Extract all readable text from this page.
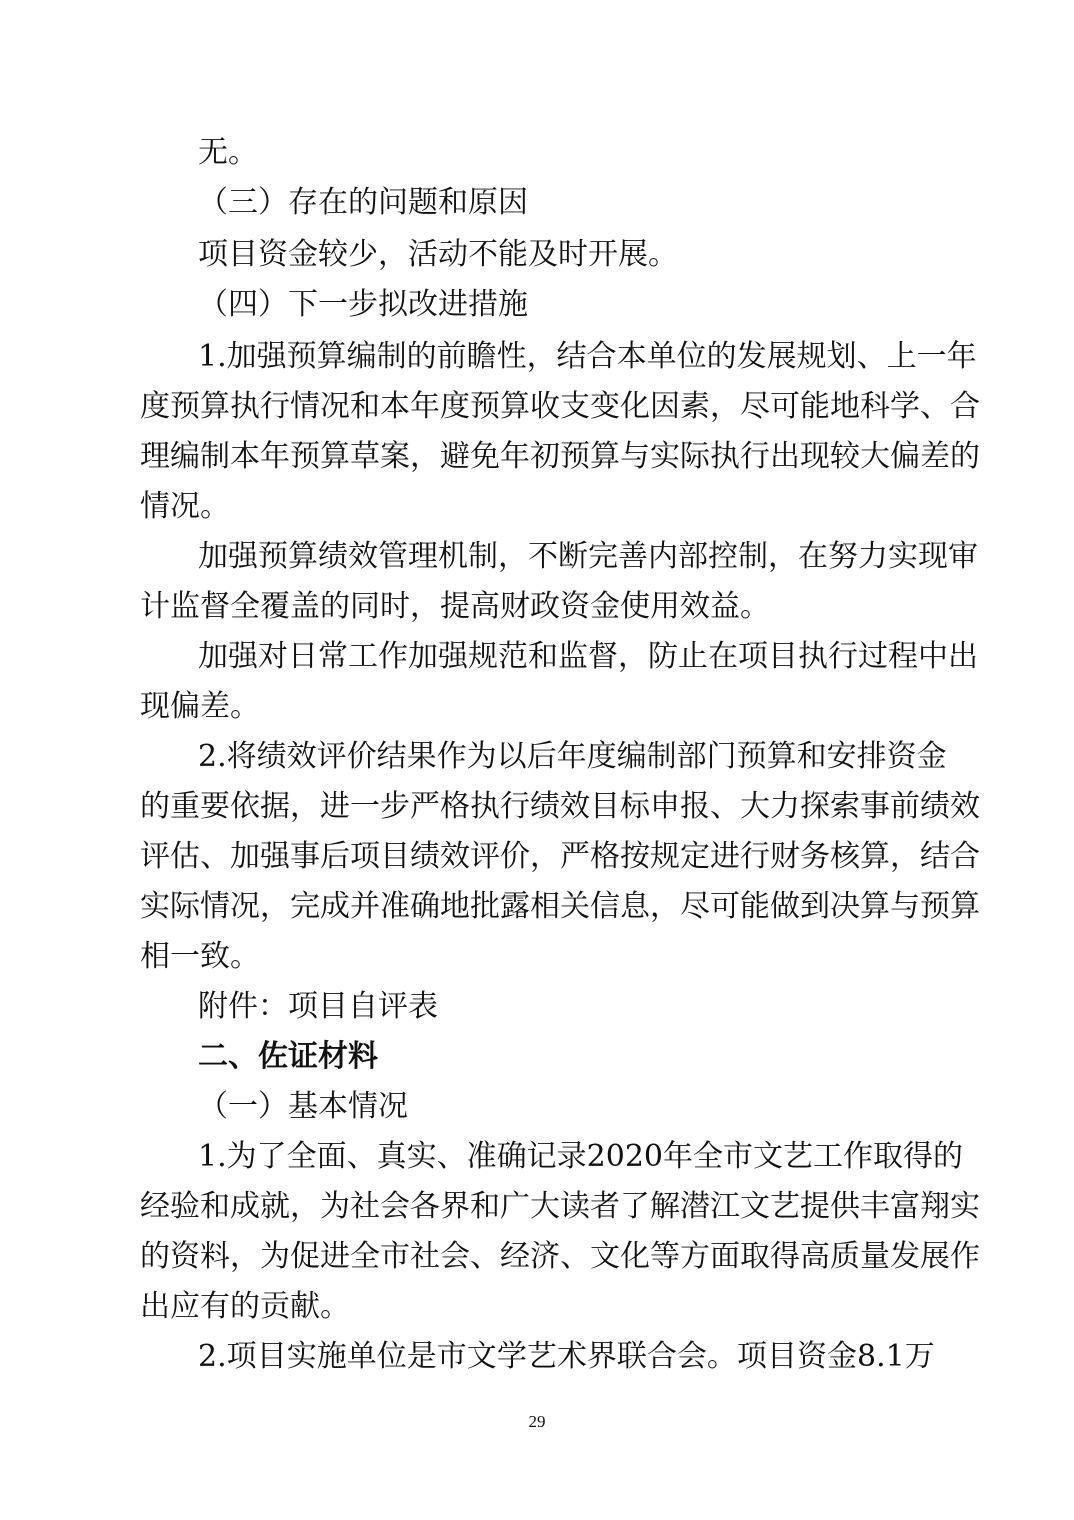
无。
（三）存在的问题和原因
项目资金较少，活动不能及时开展。
（四）下一步拟改进措施
1 . 加 强 预 算 编 制 的 前 瞻 性 ， 结 合 本 单 位 的 发 展 规 划 、 上 一 年
度 预 算 执 行 情 况 和 本 年 度 预 算 收 支 变 化 因 素 ， 尽 可 能 地 科 学 、 合
理 编 制 本 年 预 算 草 案 ， 避 免 年 初 预 算 与 实 际 执 行 出 现 较 大 偏 差 的
情况。
加 强 预 算 绩 效 管 理 机 制 ， 不 断 完 善 内 部 控 制 ， 在 努 力 实 现 审
计监督全覆盖的同时，提高财政资金使用效益。
加 强 对 日 常 工 作 加 强 规 范 和 监 督 ， 防 止 在 项 目 执 行 过 程 中 出
现偏差。
2 . 将 绩 效 评 价 结 果 作 为 以 后 年 度 编 制 部 门 预 算 和 安 排 资 金
的 重 要 依 据 ， 进 一 步 严 格 执 行 绩 效 目 标 申 报 、 大 力 探 索 事 前 绩 效
评 估 、 加 强 事 后 项 目 绩 效 评 价 ， 严 格 按 规 定 进 行 财 务 核 算 ， 结 合
实 际 情 况 ， 完 成 并 准 确 地 批 露 相 关 信 息 ， 尽 可 能 做 到 决 算 与 预 算
相一致。
附件：项目自评表
二、佐证材料
（一）基本情况
1 . 为 了 全 面 、 真 实 、 准 确 记 录 2 0 2 0 年 全 市 文 艺 工 作 取 得 的
经 验 和 成 就 ， 为 社 会 各 界 和 广 大 读 者 了 解 潜 江 文 艺 提 供 丰 富 翔 实
的 资 料 ， 为 促 进 全 市 社 会 、 经 济 、 文 化 等 方 面 取 得 高 质 量 发 展 作
出应有的贡献。
2 . 项 目 实 施 单 位 是 市 文 学 艺 术 界 联 合 会 。 项 目 资 金 8 . 1 万
29
